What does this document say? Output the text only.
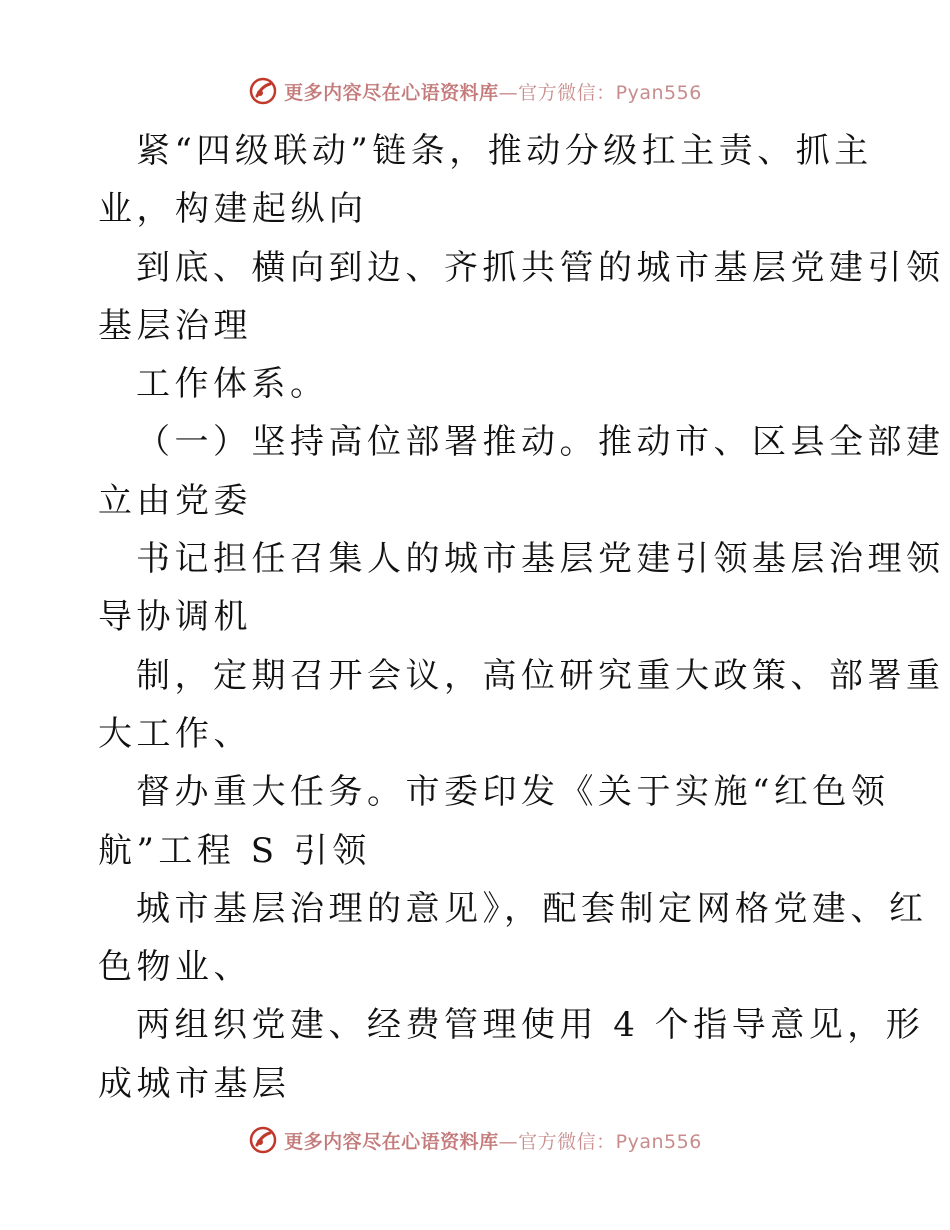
更多内容尽在心语资料库—官方微信：Pyan556
紧“四级联动”链条，推动分级扛主责、抓主
业，构建起纵向
到底、横向到边、齐抓共管的城市基层党建引领
基层治理
工作体系。
（一）坚持高位部署推动。推动市、区县全部建
立由党委
书记担任召集人的城市基层党建引领基层治理领
导协调机
制，定期召开会议，高位研究重大政策、部署重
大工作、
督办重大任务。市委印发《关于实施“红色领
航”工程 S 引领
城市基层治理的意见》，配套制定网格党建、红
色物业、
两组织党建、经费管理使用 4 个指导意见，形
成城市基层
更多内容尽在心语资料库—官方微信：Pyan556
